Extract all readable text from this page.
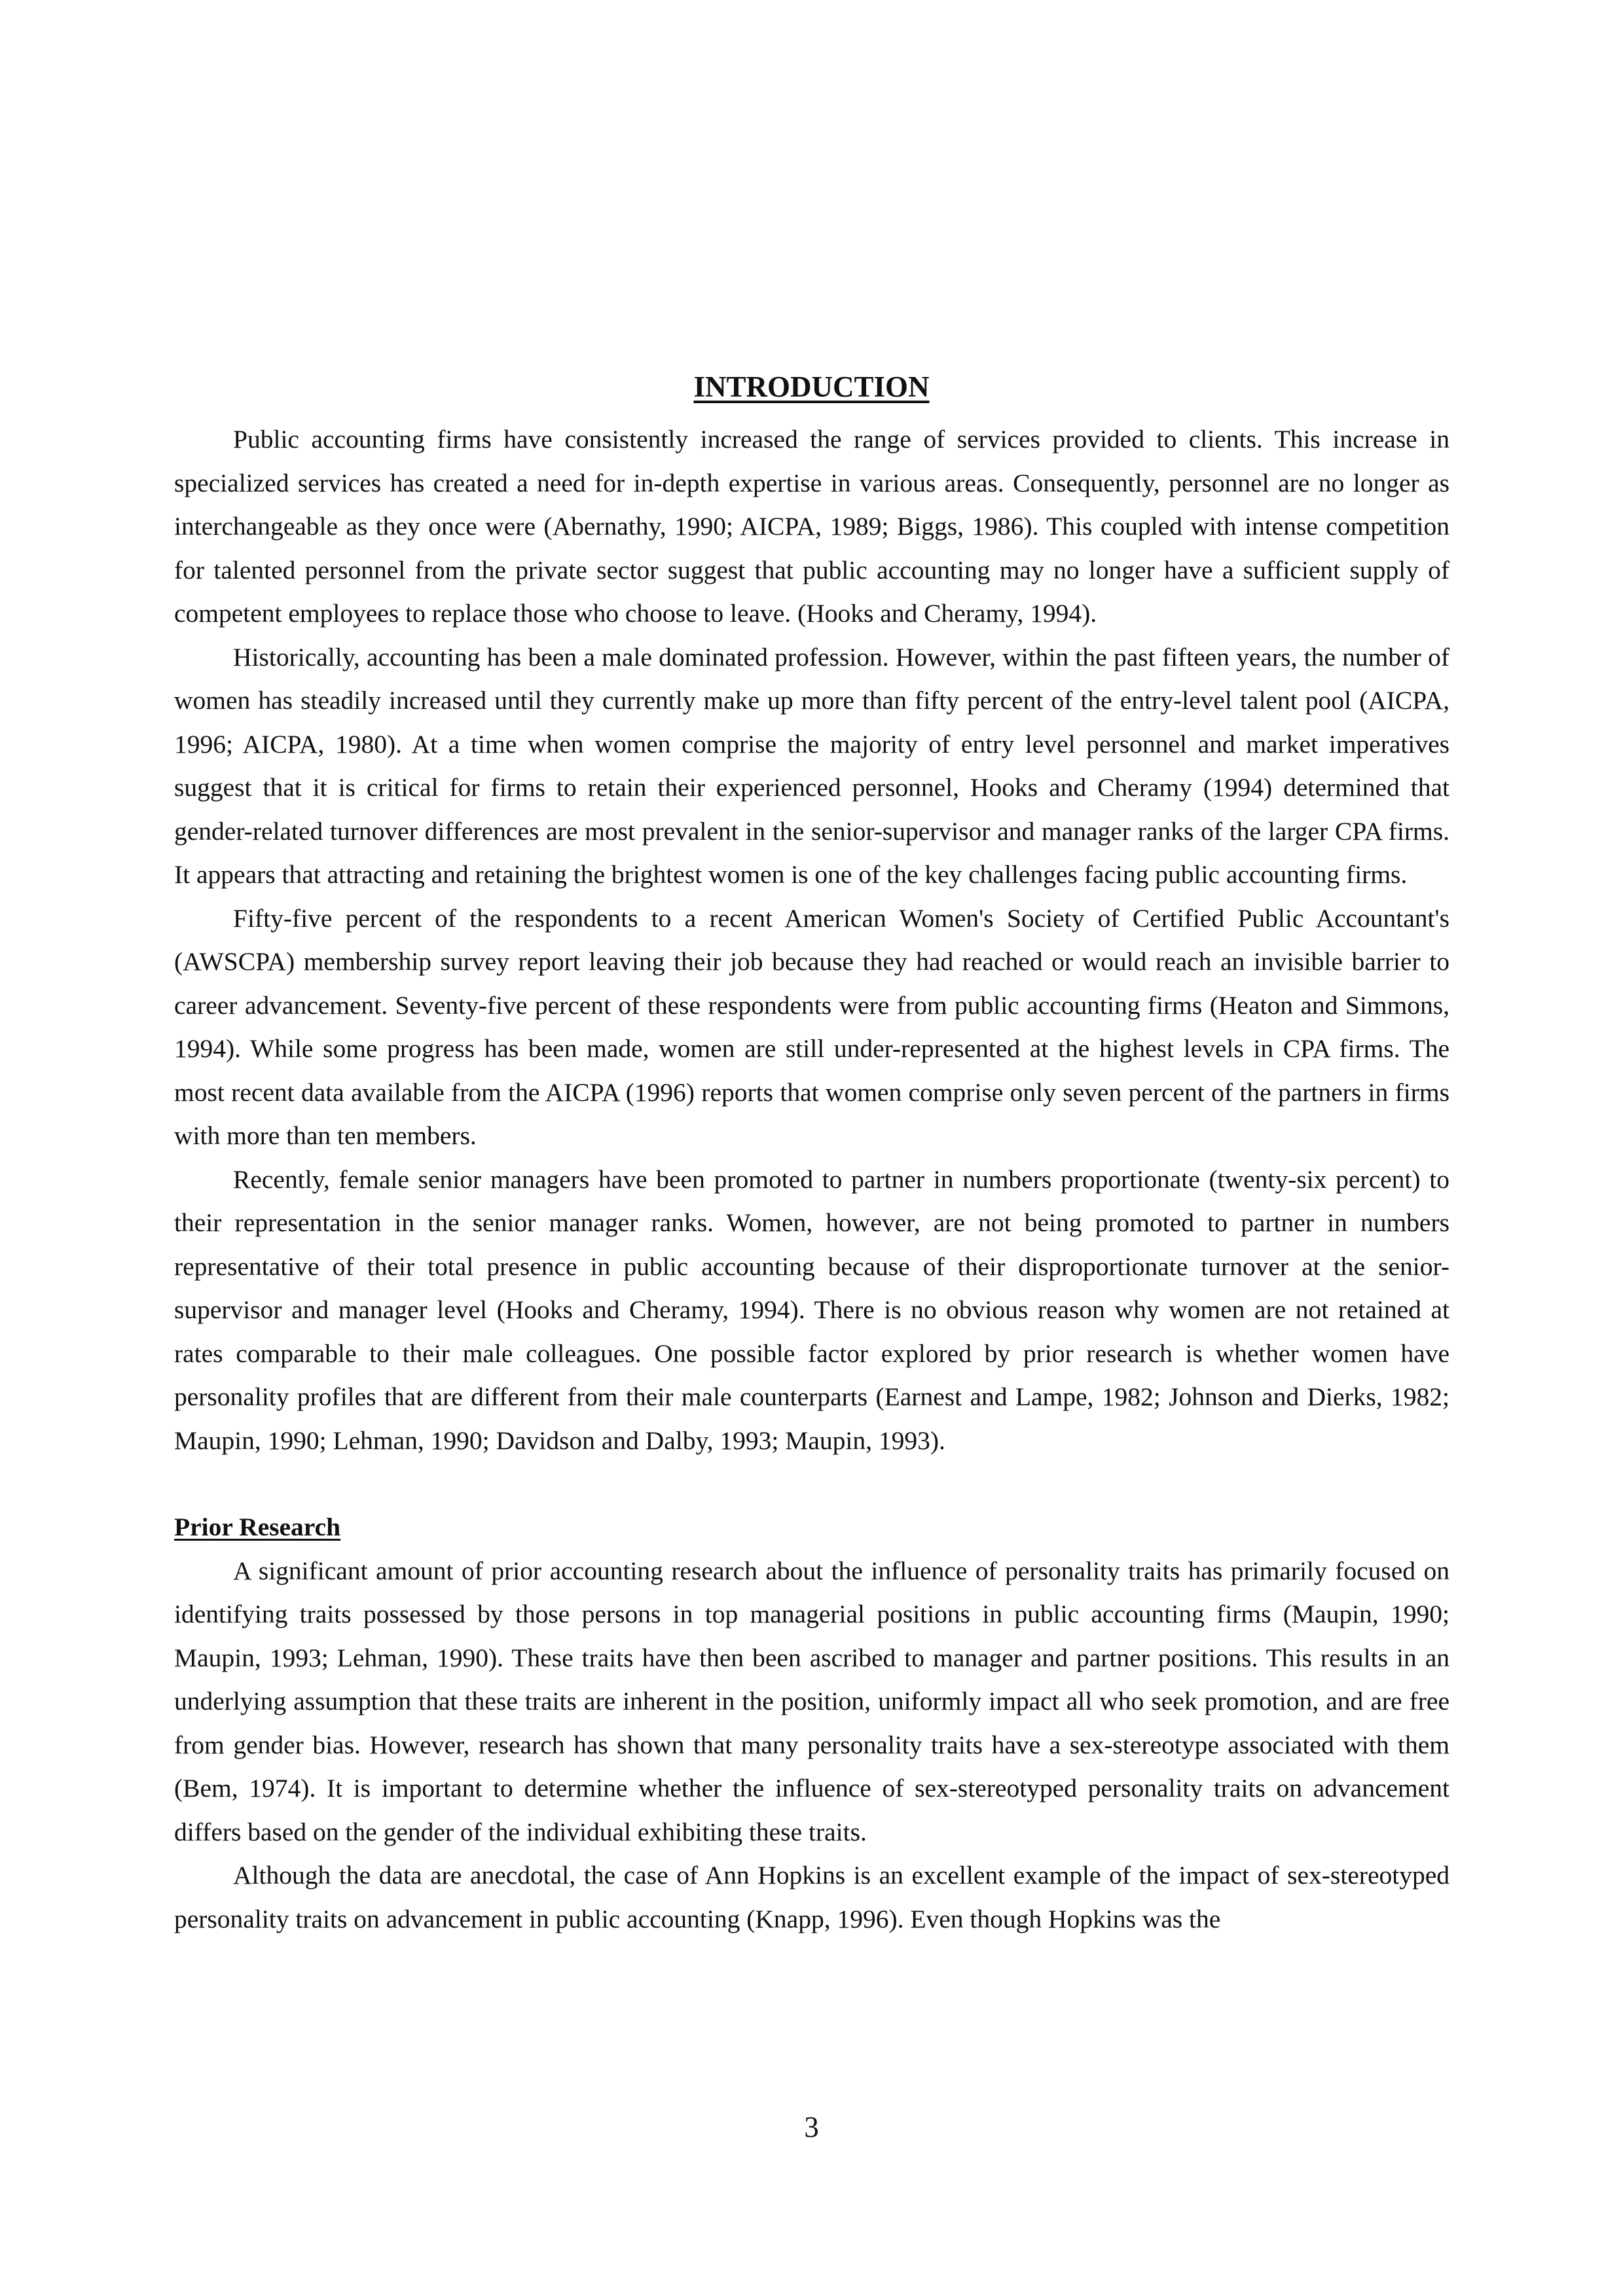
INTRODUCTION

Public accounting firms have consistently increased the range of services provided to clients. This increase in specialized services has created a need for in-depth expertise in various areas. Consequently, personnel are no longer as interchangeable as they once were (Abernathy, 1990; AICPA, 1989; Biggs, 1986). This coupled with intense competition for talented personnel from the private sector suggest that public accounting may no longer have a sufficient supply of competent employees to replace those who choose to leave. (Hooks and Cheramy, 1994).

Historically, accounting has been a male dominated profession. However, within the past fifteen years, the number of women has steadily increased until they currently make up more than fifty percent of the entry-level talent pool (AICPA, 1996; AICPA, 1980). At a time when women comprise the majority of entry level personnel and market imperatives suggest that it is critical for firms to retain their experienced personnel, Hooks and Cheramy (1994) determined that gender-related turnover differences are most prevalent in the senior-supervisor and manager ranks of the larger CPA firms. It appears that attracting and retaining the brightest women is one of the key challenges facing public accounting firms.

Fifty-five percent of the respondents to a recent American Women's Society of Certified Public Accountant's (AWSCPA) membership survey report leaving their job because they had reached or would reach an invisible barrier to career advancement. Seventy-five percent of these respondents were from public accounting firms (Heaton and Simmons, 1994). While some progress has been made, women are still under-represented at the highest levels in CPA firms. The most recent data available from the AICPA (1996) reports that women comprise only seven percent of the partners in firms with more than ten members.

Recently, female senior managers have been promoted to partner in numbers proportionate (twenty-six percent) to their representation in the senior manager ranks. Women, however, are not being promoted to partner in numbers representative of their total presence in public accounting because of their disproportionate turnover at the senior-supervisor and manager level (Hooks and Cheramy, 1994). There is no obvious reason why women are not retained at rates comparable to their male colleagues. One possible factor explored by prior research is whether women have personality profiles that are different from their male counterparts (Earnest and Lampe, 1982; Johnson and Dierks, 1982; Maupin, 1990; Lehman, 1990; Davidson and Dalby, 1993; Maupin, 1993).

Prior Research

A significant amount of prior accounting research about the influence of personality traits has primarily focused on identifying traits possessed by those persons in top managerial positions in public accounting firms (Maupin, 1990; Maupin, 1993; Lehman, 1990). These traits have then been ascribed to manager and partner positions. This results in an underlying assumption that these traits are inherent in the position, uniformly impact all who seek promotion, and are free from gender bias. However, research has shown that many personality traits have a sex-stereotype associated with them (Bem, 1974). It is important to determine whether the influence of sex-stereotyped personality traits on advancement differs based on the gender of the individual exhibiting these traits.

Although the data are anecdotal, the case of Ann Hopkins is an excellent example of the impact of sex-stereotyped personality traits on advancement in public accounting (Knapp, 1996). Even though Hopkins was the

3
